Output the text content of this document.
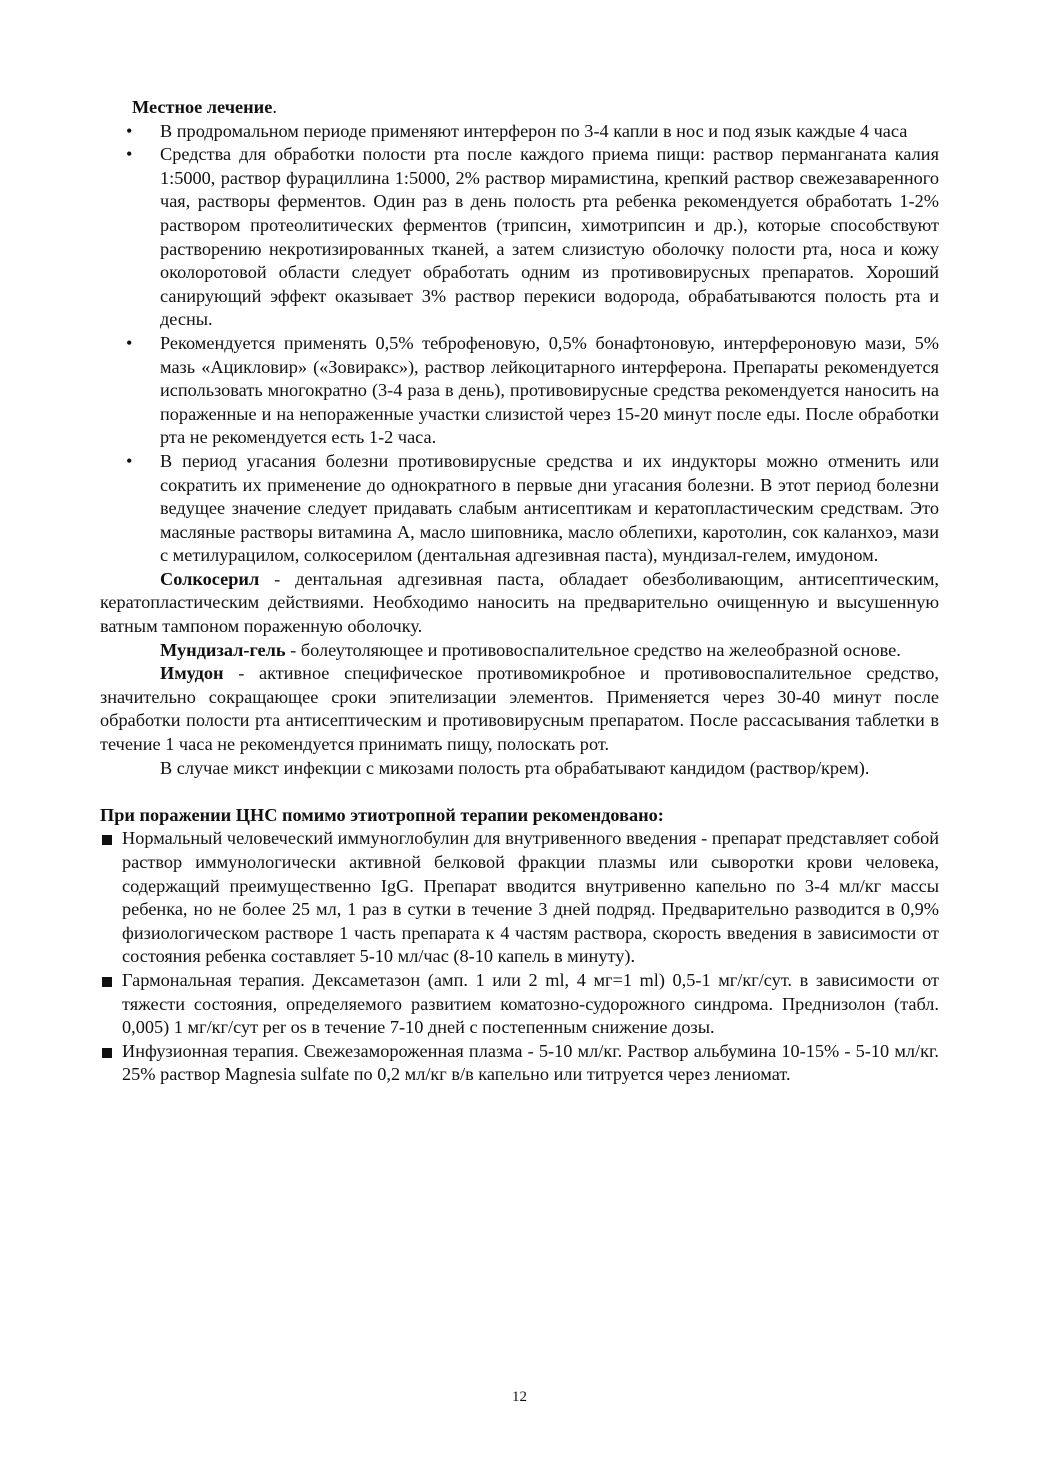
Местное лечение.

• В продромальном периоде применяют интерферон по 3-4 капли в нос и под язык каждые 4 часа
• Средства для обработки полости рта после каждого приема пищи: раствор перманганата калия 1:5000, раствор фурациллина 1:5000, 2% раствор мирамистина, крепкий раствор свежезаваренного чая, растворы ферментов. Один раз в день полость рта ребенка рекомендуется обработать 1-2% раствором протеолитических ферментов (трипсин, химотрипсин и др.), которые способствуют растворению некротизированных тканей, а затем слизистую оболочку полости рта, носа и кожу околоротовой области следует обработать одним из противовирусных препаратов. Хороший санирующий эффект оказывает 3% раствор перекиси водорода, обрабатываются полость рта и десны.
• Рекомендуется применять 0,5% теброфеновую, 0,5% бонафтоновую, интерфероновую мази, 5% мазь «Ацикловир» («Зовиракс»), раствор лейкоцитарного интерферона. Препараты рекомендуется использовать многократно (3-4 раза в день), противовирусные средства рекомендуется наносить на пораженные и на непораженные участки слизистой через 15-20 минут после еды. После обработки рта не рекомендуется есть 1-2 часа.
• В период угасания болезни противовирусные средства и их индукторы можно отменить или сократить их применение до однократного в первые дни угасания болезни. В этот период болезни ведущее значение следует придавать слабым антисептикам и кератопластическим средствам. Это масляные растворы витамина А, масло шиповника, масло облепихи, каротолин, сок каланхоэ, мази с метилурацилом, солкосерилом (дентальная адгезивная паста), мундизал-гелем, имудоном.

Солкосерил - дентальная адгезивная паста, обладает обезболивающим, антисептическим, кератопластическим действиями. Необходимо наносить на предварительно очищенную и высушенную ватным тампоном пораженную оболочку.

Мундизал-гель - болеутоляющее и противовоспалительное средство на желеобразной основе.

Имудон - активное специфическое противомикробное и противовоспалительное средство, значительно сокращающее сроки эпителизации элементов. Применяется через 30-40 минут после обработки полости рта антисептическим и противовирусным препаратом. После рассасывания таблетки в течение 1 часа не рекомендуется принимать пищу, полоскать рот.

В случае микст инфекции с микозами полость рта обрабатывают кандидом (раствор/крем).

При поражении ЦНС помимо этиотропной терапии рекомендовано:

Нормальный человеческий иммуноглобулин для внутривенного введения - препарат представляет собой раствор иммунологически активной белковой фракции плазмы или сыворотки крови человека, содержащий преимущественно IgG. Препарат вводится внутривенно капельно по 3-4 мл/кг массы ребенка, но не более 25 мл, 1 раз в сутки в течение 3 дней подряд. Предварительно разводится в 0,9% физиологическом растворе 1 часть препарата к 4 частям раствора, скорость введения в зависимости от состояния ребенка составляет 5-10 мл/час (8-10 капель в минуту).
Гармональная терапия. Дексаметазон (амп. 1 или 2 ml, 4 мг=1 ml) 0,5-1 мг/кг/сут. в зависимости от тяжести состояния, определяемого развитием коматозно-судорожного синдрома. Преднизолон (табл. 0,005) 1 мг/кг/сут per os в течение 7-10 дней с постепенным снижение дозы.
Инфузионная терапия. Свежезамороженная плазма - 5-10 мл/кг. Раствор альбумина 10-15% - 5-10 мл/кг. 25% раствор Magnesia sulfate по 0,2 мл/кг в/в капельно или титруется через лениомат.
12
